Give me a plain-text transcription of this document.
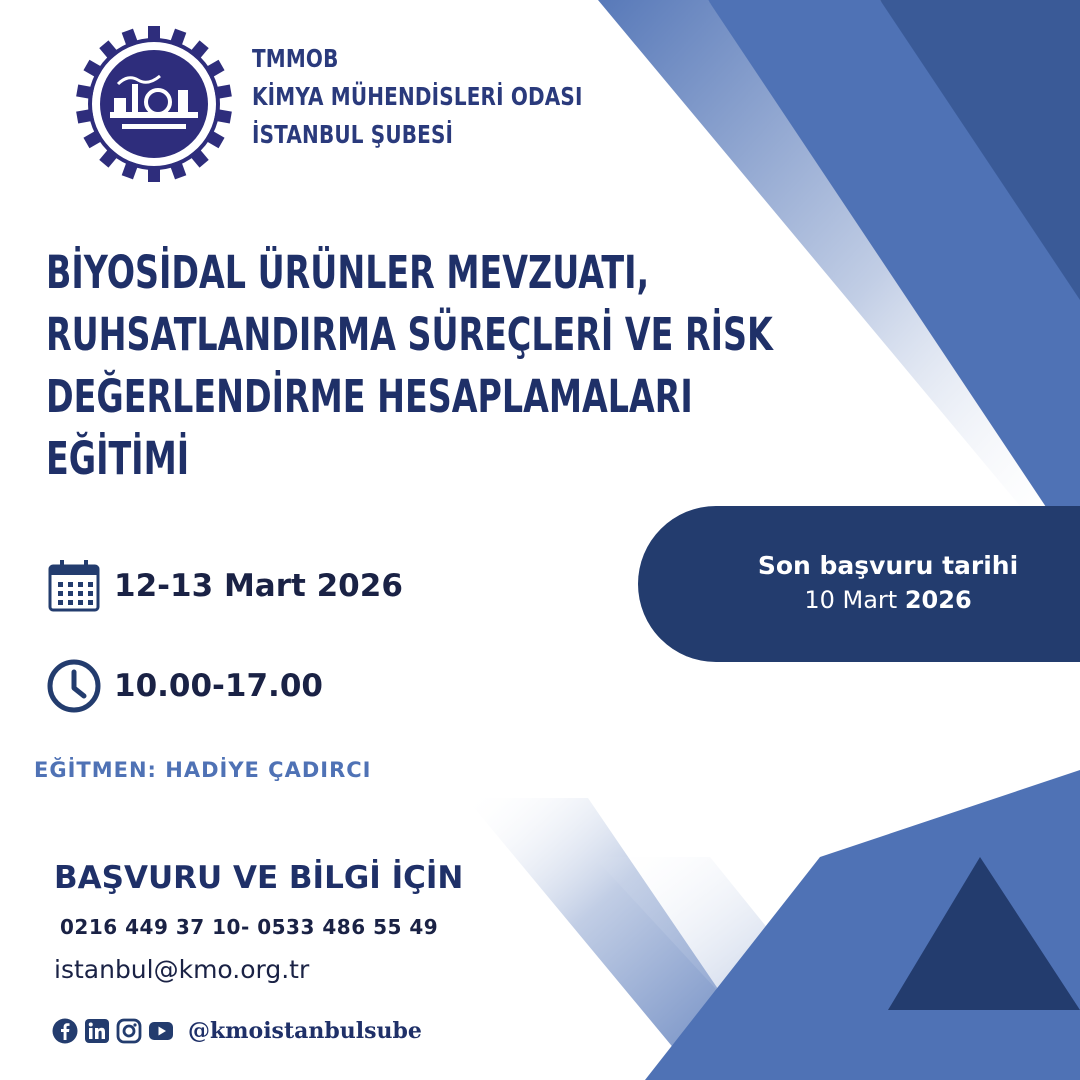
TMMOB
KİMYA MÜHENDİSLERİ ODASI
İSTANBUL ŞUBESİ
BİYOSİDAL ÜRÜNLER MEVZUATI,
RUHSATLANDIRMA SÜREÇLERİ VE RİSK
DEĞERLENDİRME HESAPLAMALARI
EĞİTİMİ
12-13 Mart 2026
10.00-17.00
EĞİTMEN: HADİYE ÇADIRCI
Son başvuru tarihi
10 Mart 2026
BAŞVURU VE BİLGİ İÇİN
0216 449 37 10- 0533 486 55 49
istanbul@kmo.org.tr
@kmoistanbulsube
